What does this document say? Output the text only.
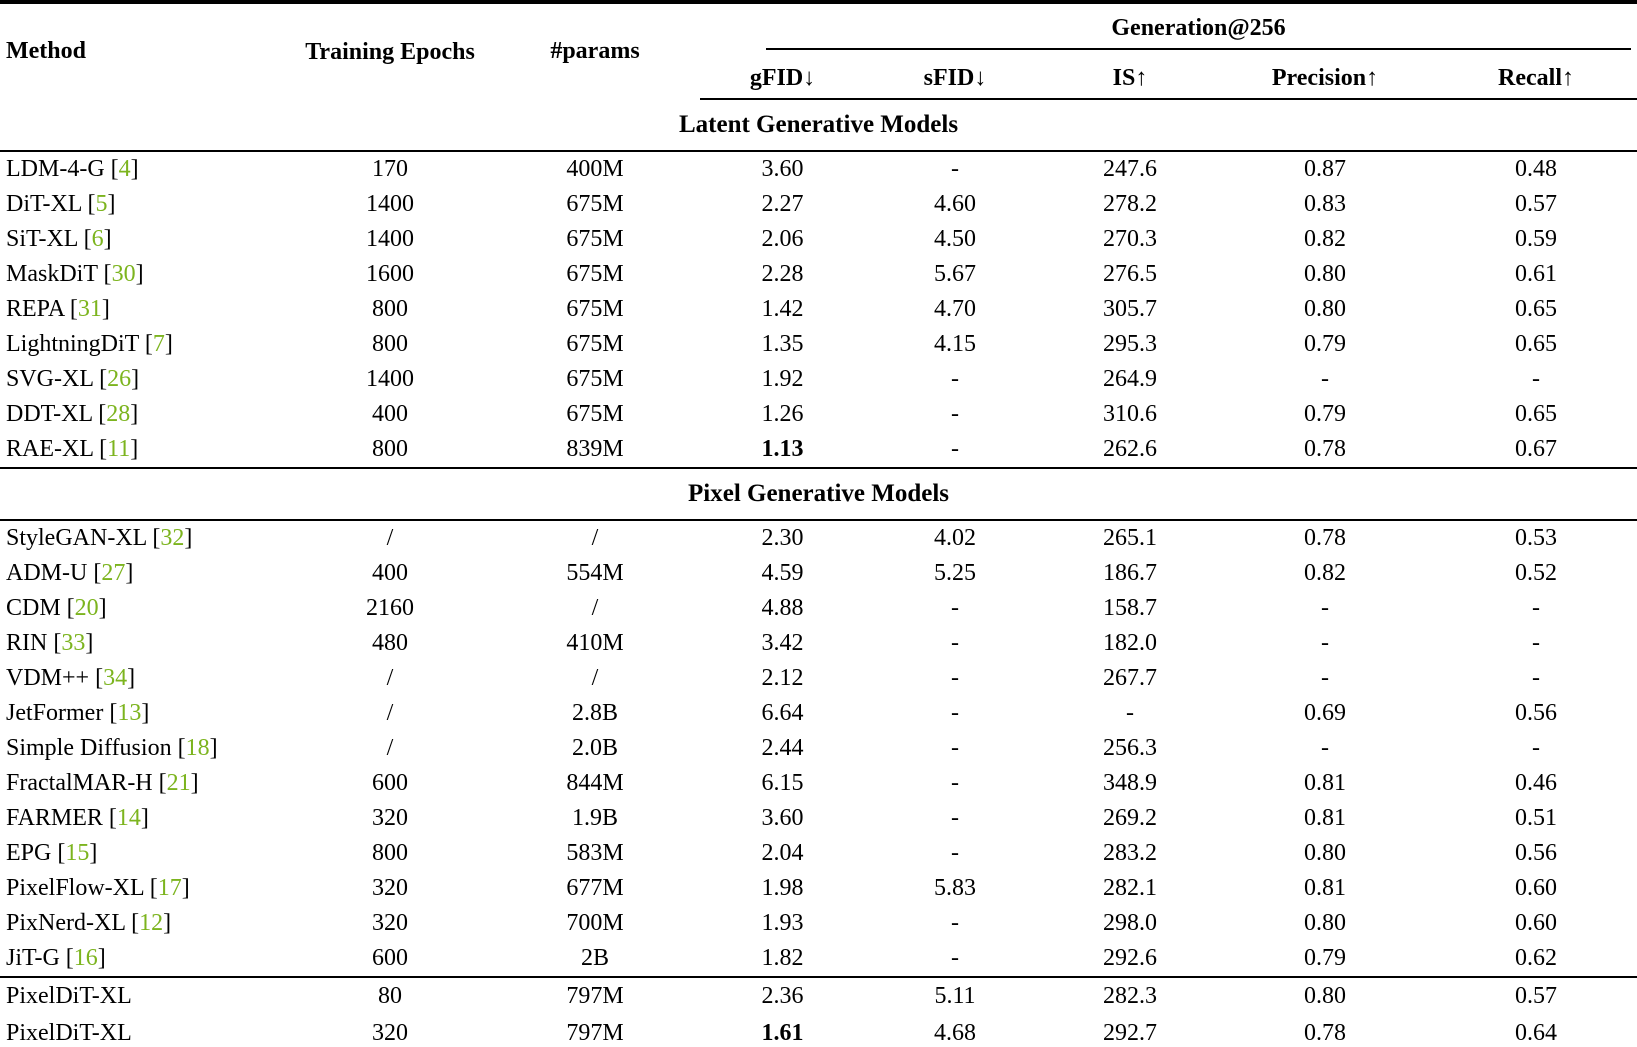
Method	Training Epochs	#params	Generation@256				

			gFID↓	sFID↓	IS↑	Precision↑	Recall↑
Latent Generative Models							
LDM-4-G [4]	170	400M	3.60	-	247.6	0.87	0.48
DiT-XL [5]	1400	675M	2.27	4.60	278.2	0.83	0.57
SiT-XL [6]	1400	675M	2.06	4.50	270.3	0.82	0.59
MaskDiT [30]	1600	675M	2.28	5.67	276.5	0.80	0.61
REPA [31]	800	675M	1.42	4.70	305.7	0.80	0.65
LightningDiT [7]	800	675M	1.35	4.15	295.3	0.79	0.65
SVG-XL [26]	1400	675M	1.92	-	264.9	-	-
DDT-XL [28]	400	675M	1.26	-	310.6	0.79	0.65
RAE-XL [11]	800	839M	1.13	-	262.6	0.78	0.67
Pixel Generative Models							
StyleGAN-XL [32]	/	/	2.30	4.02	265.1	0.78	0.53
ADM-U [27]	400	554M	4.59	5.25	186.7	0.82	0.52
CDM [20]	2160	/	4.88	-	158.7	-	-
RIN [33]	480	410M	3.42	-	182.0	-	-
VDM++ [34]	/	/	2.12	-	267.7	-	-
JetFormer [13]	/	2.8B	6.64	-	-	0.69	0.56
Simple Diffusion [18]	/	2.0B	2.44	-	256.3	-	-
FractalMAR-H [21]	600	844M	6.15	-	348.9	0.81	0.46
FARMER [14]	320	1.9B	3.60	-	269.2	0.81	0.51
EPG [15]	800	583M	2.04	-	283.2	0.80	0.56
PixelFlow-XL [17]	320	677M	1.98	5.83	282.1	0.81	0.60
PixNerd-XL [12]	320	700M	1.93	-	298.0	0.80	0.60
JiT-G [16]	600	2B	1.82	-	292.6	0.79	0.62
PixelDiT-XL	80	797M	2.36	5.11	282.3	0.80	0.57
PixelDiT-XL	320	797M	1.61	4.68	292.7	0.78	0.64
